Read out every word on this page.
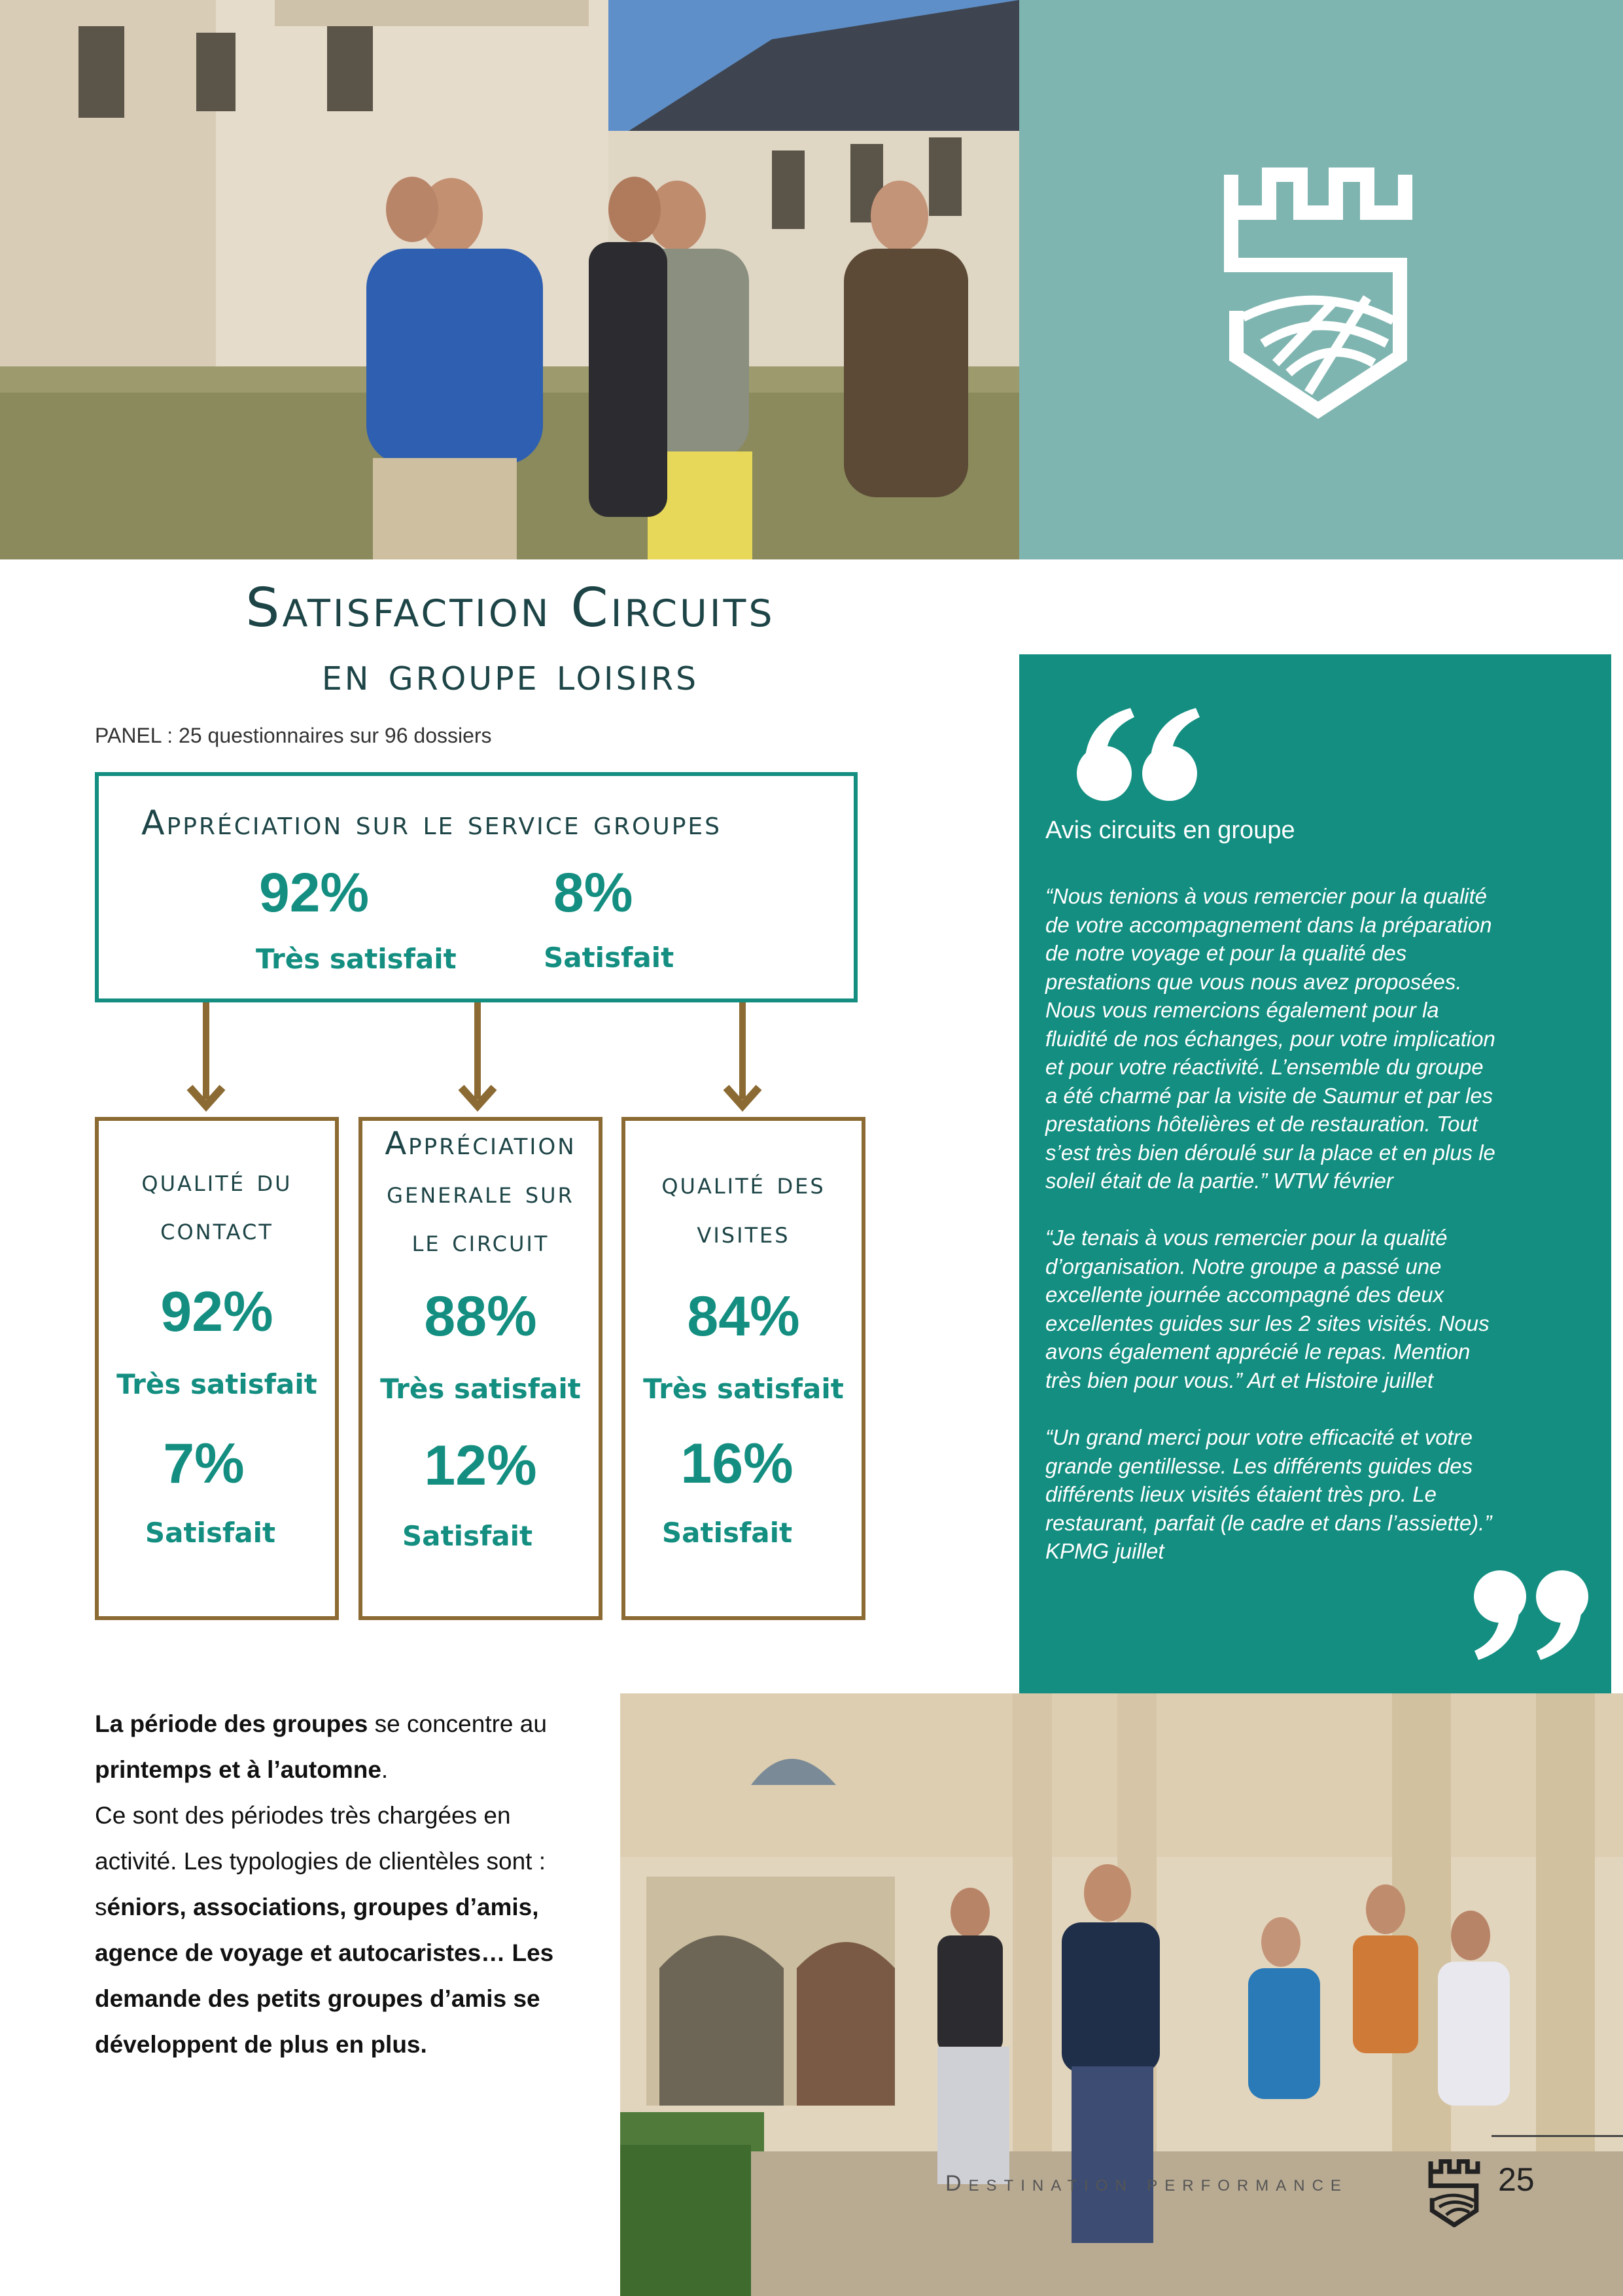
Satisfaction Circuits
en groupe loisirs
PANEL : 25 questionnaires sur 96 dossiers
Appréciation sur le service groupes
92%	8%
Très satisfait	Satisfait
qualité du
contact
92%
Très satisfait
7%
Satisfait
Appréciation
generale sur
le circuit
88%
Très satisfait
12%
Satisfait
qualité des
visites
84%
Très satisfait
16%
Satisfait
Avis circuits en groupe
“Nous tenions à vous remercier pour la qualité
de votre accompagnement dans la préparation
de notre voyage et pour la qualité des
prestations que vous nous avez proposées.
Nous vous remercions également pour la
fluidité de nos échanges, pour votre implication
et pour votre réactivité. L’ensemble du groupe
a été charmé par la visite de Saumur et par les
prestations hôtelières et de restauration. Tout
s’est très bien déroulé sur la place et en plus le
soleil était de la partie.” WTW février
“Je tenais à vous remercier pour la qualité
d’organisation. Notre groupe a passé une
excellente journée accompagné des deux
excellentes guides sur les 2 sites visités. Nous
avons également apprécié le repas. Mention
très bien pour vous.” Art et Histoire juillet
“Un grand merci pour votre efficacité et votre
grande gentillesse. Les différents guides des
différents lieux visités étaient très pro. Le
restaurant, parfait (le cadre et dans l’assiette).”
KPMG juillet
La période des groupes se concentre au
printemps et à l’automne.
Ce sont des périodes très chargées en
activité. Les typologies de clientèles sont :
séniors, associations, groupes d’amis,
agence de voyage et autocaristes… Les
demande des petits groupes d’amis se
développent de plus en plus.
Destination performance	25
